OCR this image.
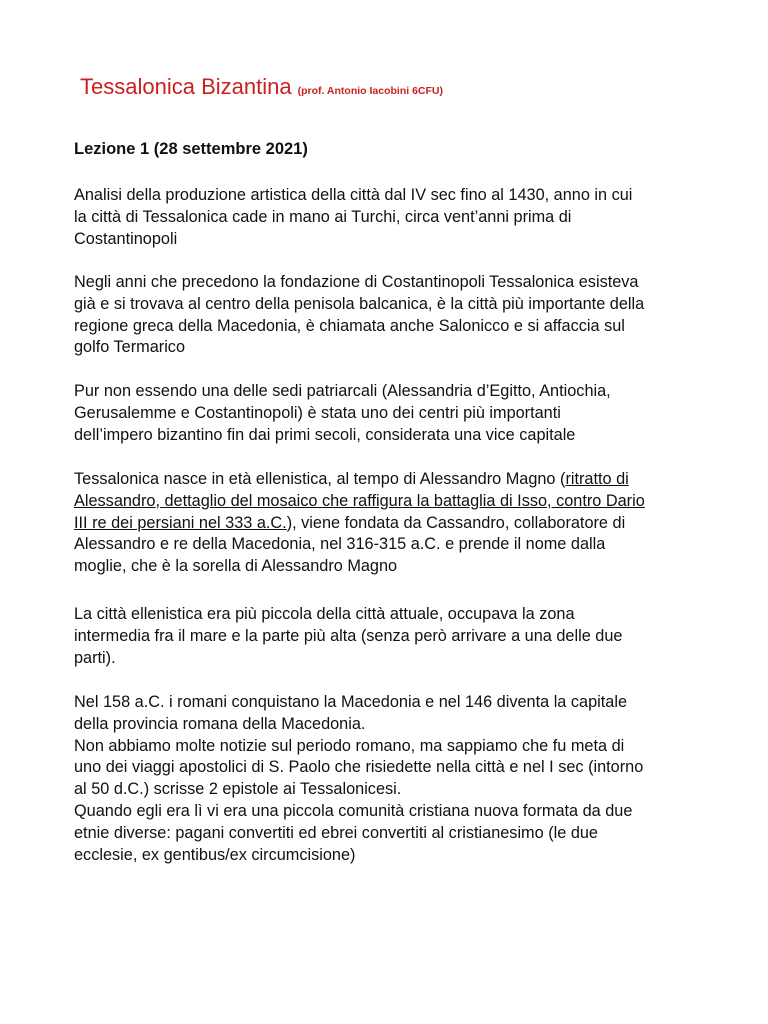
Tessalonica Bizantina (prof. Antonio Iacobini 6CFU)
Lezione 1 (28 settembre 2021)

Analisi della produzione artistica della città dal IV sec fino al 1430, anno in cui
la città di Tessalonica cade in mano ai Turchi, circa vent’anni prima di
Costantinopoli

Negli anni che precedono la fondazione di Costantinopoli Tessalonica esisteva
già e si trovava al centro della penisola balcanica, è la città più importante della
regione greca della Macedonia, è chiamata anche Salonicco e si affaccia sul
golfo Termarico

Pur non essendo una delle sedi patriarcali (Alessandria d’Egitto, Antiochia,
Gerusalemme e Costantinopoli) è stata uno dei centri più importanti
dell’impero bizantino fin dai primi secoli, considerata una vice capitale

Tessalonica nasce in età ellenistica, al tempo di Alessandro Magno (ritratto di
Alessandro, dettaglio del mosaico che raffigura la battaglia di Isso, contro Dario
III re dei persiani nel 333 a.C.), viene fondata da Cassandro, collaboratore di
Alessandro e re della Macedonia, nel 316-315 a.C. e prende il nome dalla
moglie, che è la sorella di Alessandro Magno

La città ellenistica era più piccola della città attuale, occupava la zona
intermedia fra il mare e la parte più alta (senza però arrivare a una delle due
parti).

Nel 158 a.C. i romani conquistano la Macedonia e nel 146 diventa la capitale
della provincia romana della Macedonia.
Non abbiamo molte notizie sul periodo romano, ma sappiamo che fu meta di
uno dei viaggi apostolici di S. Paolo che risiedette nella città e nel I sec (intorno
al 50 d.C.) scrisse 2 epistole ai Tessalonicesi.
Quando egli era lì vi era una piccola comunità cristiana nuova formata da due
etnie diverse: pagani convertiti ed ebrei convertiti al cristianesimo (le due
ecclesie, ex gentibus/ex circumcisione)
